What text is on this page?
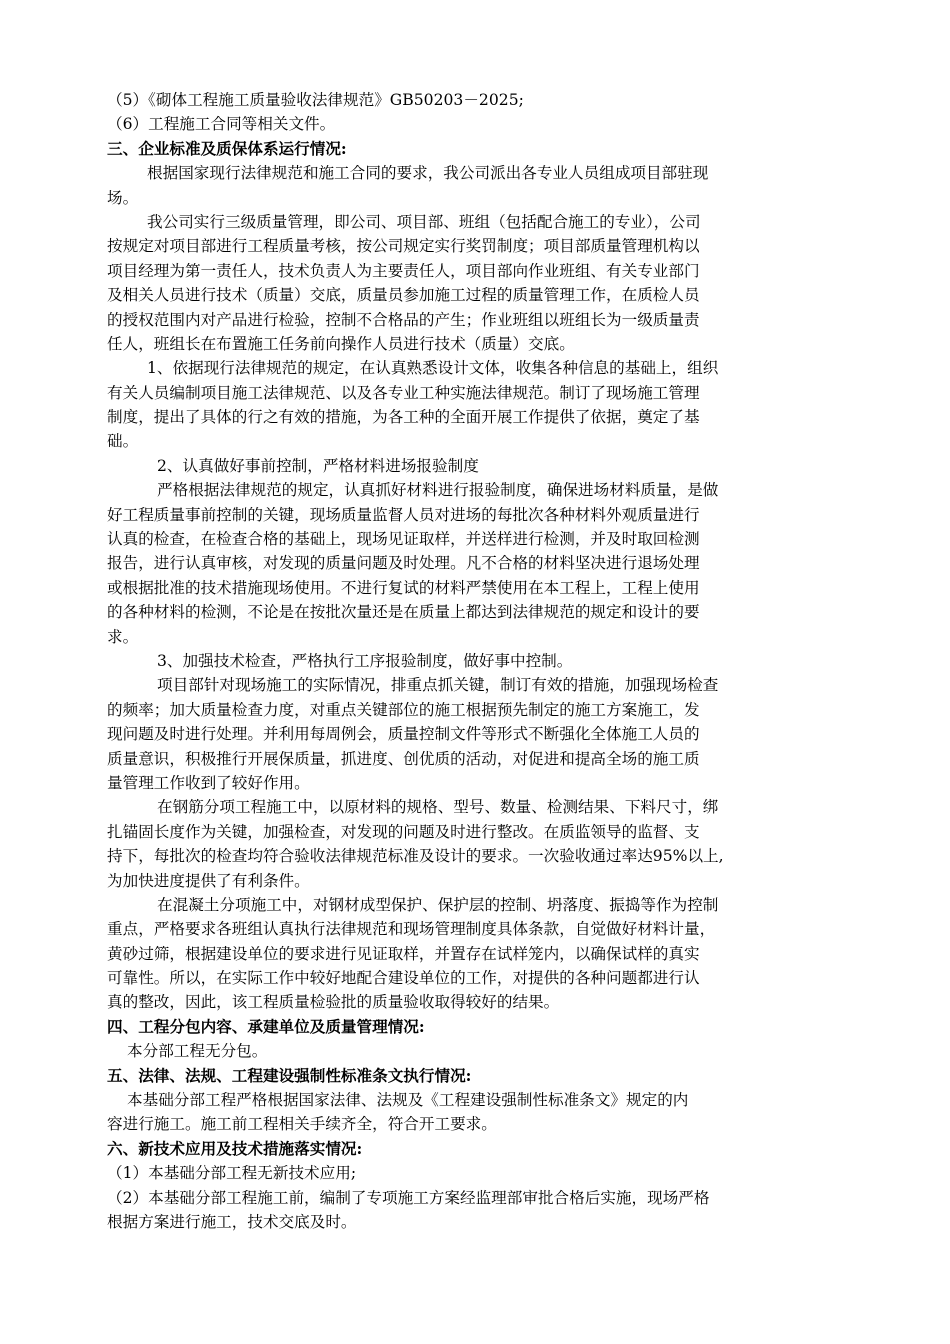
（5）《砌体工程施工质量验收法律规范》GB50203－2025;
（6）工程施工合同等相关文件。
三、企业标准及质保体系运行情况:
根据国家现行法律规范和施工合同的要求，我公司派出各专业人员组成项目部驻现
场。
我公司实行三级质量管理，即公司、项目部、班组（包括配合施工的专业），公司
按规定对项目部进行工程质量考核，按公司规定实行奖罚制度；项目部质量管理机构以
项目经理为第一责任人，技术负责人为主要责任人，项目部向作业班组、有关专业部门
及相关人员进行技术（质量）交底，质量员参加施工过程的质量管理工作，在质检人员
的授权范围内对产品进行检验，控制不合格品的产生；作业班组以班组长为一级质量责
任人，班组长在布置施工任务前向操作人员进行技术（质量）交底。
1、依据现行法律规范的规定，在认真熟悉设计文体，收集各种信息的基础上，组织
有关人员编制项目施工法律规范、以及各专业工种实施法律规范。制订了现场施工管理
制度，提出了具体的行之有效的措施，为各工种的全面开展工作提供了依据，奠定了基
础。
2、认真做好事前控制，严格材料进场报验制度
严格根据法律规范的规定，认真抓好材料进行报验制度，确保进场材料质量，是做
好工程质量事前控制的关键，现场质量监督人员对进场的每批次各种材料外观质量进行
认真的检查，在检查合格的基础上，现场见证取样，并送样进行检测，并及时取回检测
报告，进行认真审核，对发现的质量问题及时处理。凡不合格的材料坚决进行退场处理
或根据批准的技术措施现场使用。不进行复试的材料严禁使用在本工程上，工程上使用
的各种材料的检测，不论是在按批次量还是在质量上都达到法律规范的规定和设计的要
求。
3、加强技术检查，严格执行工序报验制度，做好事中控制。
项目部针对现场施工的实际情况，排重点抓关键，制订有效的措施，加强现场检查
的频率；加大质量检查力度，对重点关键部位的施工根据预先制定的施工方案施工，发
现问题及时进行处理。并利用每周例会，质量控制文件等形式不断强化全体施工人员的
质量意识，积极推行开展保质量，抓进度、创优质的活动，对促进和提高全场的施工质
量管理工作收到了较好作用。
在钢筋分项工程施工中，以原材料的规格、型号、数量、检测结果、下料尺寸，绑
扎锚固长度作为关键，加强检查，对发现的问题及时进行整改。在质监领导的监督、支
持下，每批次的检查均符合验收法律规范标准及设计的要求。一次验收通过率达95%以上,
为加快进度提供了有利条件。
在混凝土分项施工中，对钢材成型保护、保护层的控制、坍落度、振捣等作为控制
重点，严格要求各班组认真执行法律规范和现场管理制度具体条款，自觉做好材料计量，
黄砂过筛，根据建设单位的要求进行见证取样，并置存在试样笼内，以确保试样的真实
可靠性。所以，在实际工作中较好地配合建设单位的工作，对提供的各种问题都进行认
真的整改，因此，该工程质量检验批的质量验收取得较好的结果。
四、工程分包内容、承建单位及质量管理情况:
本分部工程无分包。
五、法律、法规、工程建设强制性标准条文执行情况:
本基础分部工程严格根据国家法律、法规及《工程建设强制性标准条文》规定的内
容进行施工。施工前工程相关手续齐全，符合开工要求。
六、新技术应用及技术措施落实情况:
（1）本基础分部工程无新技术应用;
（2）本基础分部工程施工前，编制了专项施工方案经监理部审批合格后实施，现场严格
根据方案进行施工，技术交底及时。
